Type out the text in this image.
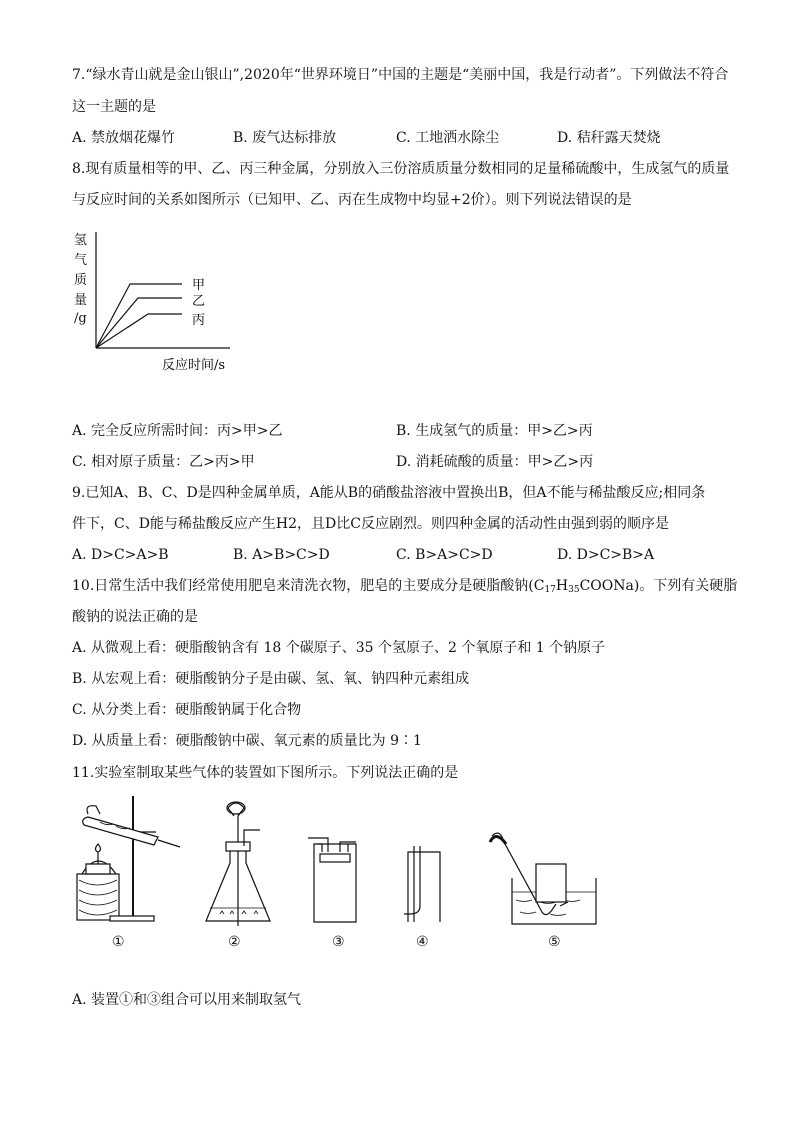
7.“绿水青山就是金山银山”,2020年“世界环境日”中国的主题是“美丽中国，我是行动者”。下列做法不符合
这一主题的是
A. 禁放烟花爆竹	B. 废气达标排放	C. 工地洒水除尘	D. 秸秆露天焚烧
8.现有质量相等的甲、乙、丙三种金属，分别放入三份溶质质量分数相同的足量稀硫酸中，生成氢气的质量
与反应时间的关系如图所示（已知甲、乙、丙在生成物中均显+2价）。则下列说法错误的是
氢
气
质
量
/g
甲
乙
丙
反应时间/s
A. 完全反应所需时间：丙>甲>乙	B. 生成氢气的质量：甲>乙>丙
C. 相对原子质量：乙>丙>甲	D. 消耗硫酸的质量：甲>乙>丙
9.已知A、B、C、D是四种金属单质，A能从B的硝酸盐溶液中置换出B，但A不能与稀盐酸反应;相同条
件下，C、D能与稀盐酸反应产生H2，且D比C反应剧烈。则四种金属的活动性由强到弱的顺序是
A. D>C>A>B	B. A>B>C>D	C. B>A>C>D	D. D>C>B>A
10.日常生活中我们经常使用肥皂来清洗衣物，肥皂的主要成分是硬脂酸钠$(C_{17}H_{35}COONa)$。下列有关硬脂
酸钠的说法正确的是
A. 从微观上看：硬脂酸钠含有 18 个碳原子、35 个氢原子、2 个氧原子和 1 个钠原子
B. 从宏观上看：硬脂酸钠分子是由碳、氢、氧、钠四种元素组成
C. 从分类上看：硬脂酸钠属于化合物
D. 从质量上看：硬脂酸钠中碳、氧元素的质量比为 9∶1
11.实验室制取某些气体的装置如下图所示。下列说法正确的是
①	②	③	④	⑤
A. 装置①和③组合可以用来制取氢气
